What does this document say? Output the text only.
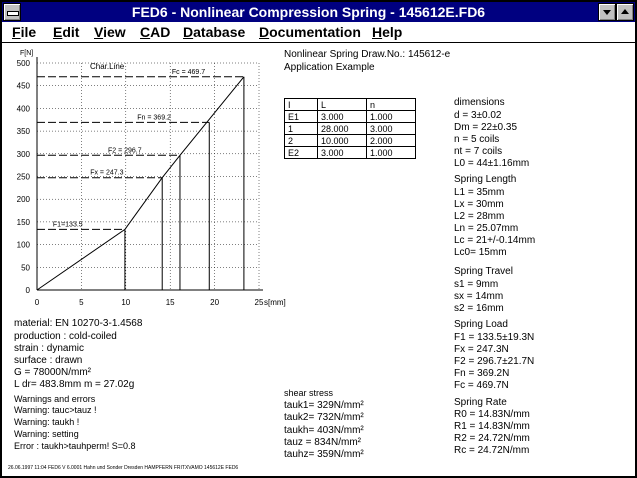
FED6 - Nonlinear Compression Spring - 145612E.FD6
File Edit View CAD Database Documentation Help
0
50
100
150
200
250
300
350
400
450
500
0	5	10	15	20	25
F1=133.5
Fx = 247.3
F2 = 296.7
Fn = 369.2
Fc = 469.7
Char.Line
F[N]
s[mm]
Nonlinear Spring Draw.No.: 145612-e
Application Example
I	L	n
E1	3.000	1.000
1	28.000	3.000
2	10.000	2.000
E2	3.000	1.000
dimensions
d = 3±0.02
Dm = 22±0.35
n = 5 coils
nt = 7 coils
L0 = 44±1.16mm
Spring Length
L1 = 35mm
Lx = 30mm
L2 = 28mm
Ln = 25.07mm
Lc = 21+/-0.14mm
Lc0= 15mm
Spring Travel
s1 = 9mm
sx = 14mm
s2 = 16mm
Spring Load
F1 = 133.5±19.3N
Fx = 247.3N
F2 = 296.7±21.7N
Fn = 369.2N
Fc = 469.7N
Spring Rate
R0 = 14.83N/mm
R1 = 14.83N/mm
R2 = 24.72N/mm
Rc = 24.72N/mm
material: EN 10270-3-1.4568
production : cold-coiled
strain : dynamic
surface : drawn
G = 78000N/mm²
L dr= 483.8mm m = 27.02g
Warnings and errors
Warning: tauc>tauz !
Warning: taukh !
Warning: setting
Error : taukh>tauhperm! S=0.8
shear stress
tauk1= 329N/mm²
tauk2= 732N/mm²
taukh= 403N/mm²
tauz = 834N/mm²
tauhz= 359N/mm²
26.06.1997 11:04 FED6 V 6.0001 Hahn und Sonder Dresden HAMPFERN FRITXVAMO 145612E FED6
